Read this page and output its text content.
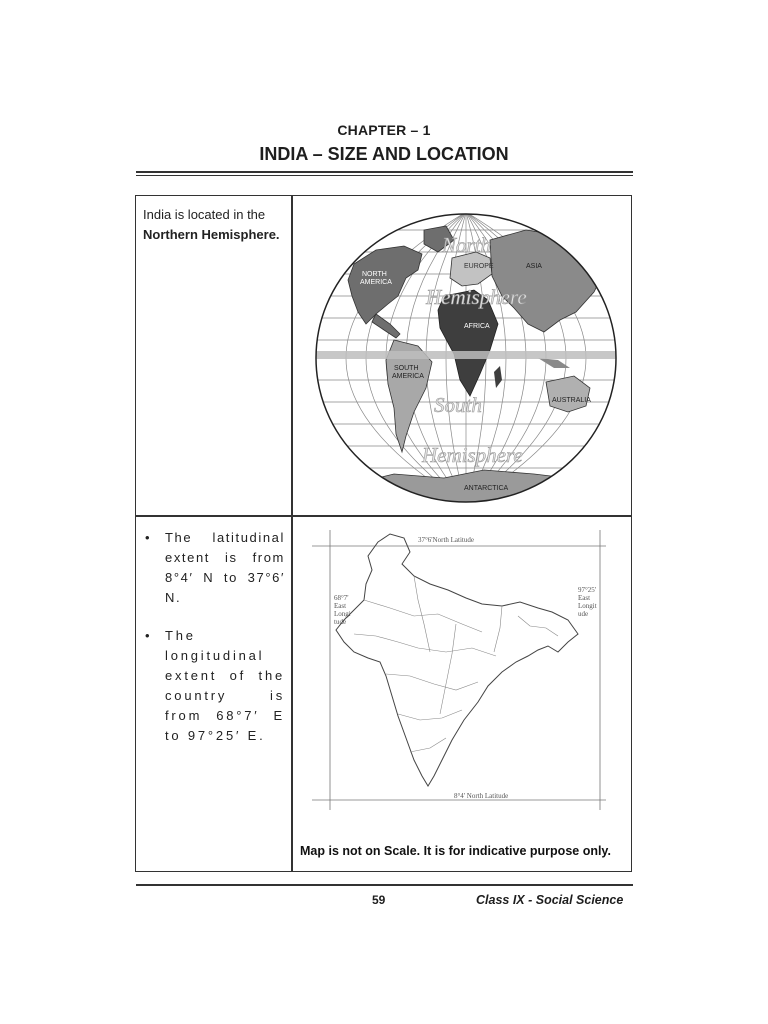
CHAPTER – 1
INDIA – SIZE AND LOCATION
India is located in the
Northern Hemisphere.
NORTH
AMERICA
EUROPE	ASIA
AFRICA
SOUTH
AMERICA
AUSTRALIA
ANTARCTICA
North
Hemisphere
South
Hemisphere
• The latitudinal extent is from 8°4′ N to 37°6′ N.
• The longitudinal extent of the country is from 68°7′ E to 97°25′ E.
37°6'North Latitude
8°4' North Latitude
68°7'
East
Longi
tude
97°25'
East
Longit
ude
Map is not on Scale. It is for indicative purpose only.
59	Class IX - Social Science
